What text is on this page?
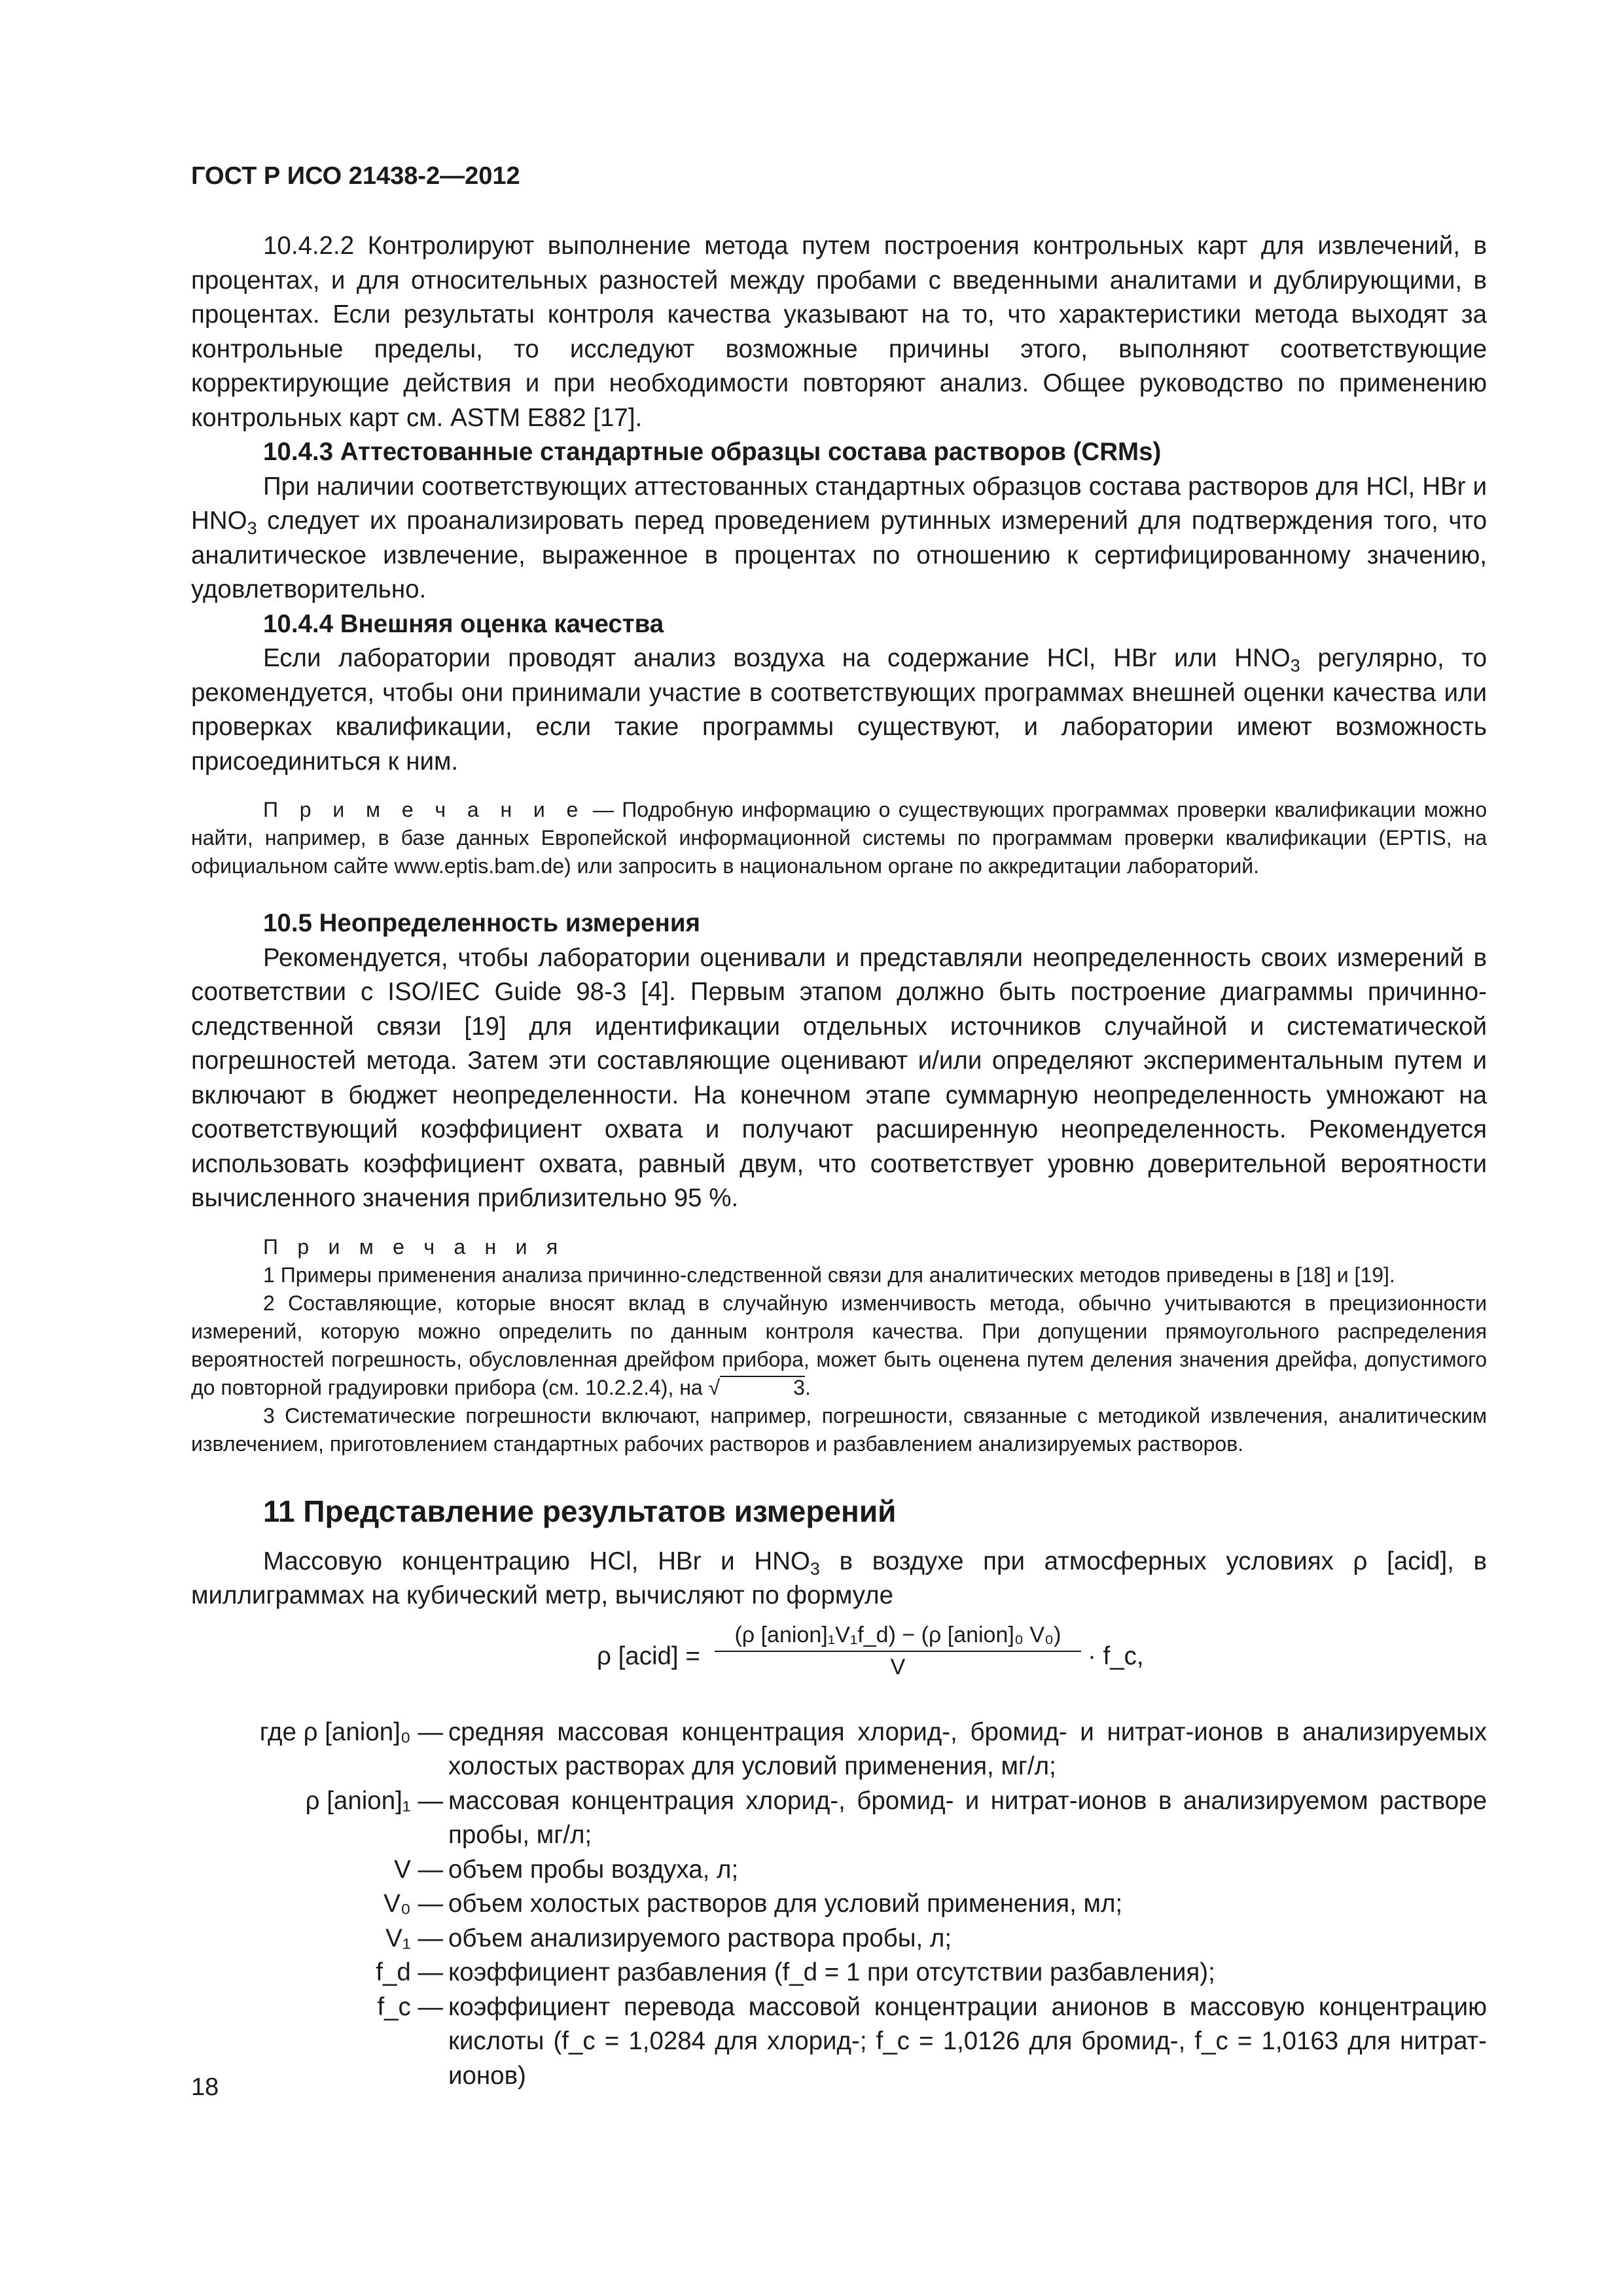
ГОСТ Р ИСО 21438-2—2012

10.4.2.2 Контролируют выполнение метода путем построения контрольных карт для извлечений, в процентах, и для относительных разностей между пробами с введенными аналитами и дублирующими, в процентах. Если результаты контроля качества указывают на то, что характеристики метода выходят за контрольные пределы, то исследуют возможные причины этого, выполняют соответствующие корректирующие действия и при необходимости повторяют анализ. Общее руководство по применению контрольных карт см. ASTM E882 [17].

10.4.3 Аттестованные стандартные образцы состава растворов (CRMs)

При наличии соответствующих аттестованных стандартных образцов состава растворов для HCl, HBr и $HNO_3$ следует их проанализировать перед проведением рутинных измерений для подтверждения того, что аналитическое извлечение, выраженное в процентах по отношению к сертифицированному значению, удовлетворительно.

10.4.4 Внешняя оценка качества

Если лаборатории проводят анализ воздуха на содержание HCl, HBr или $HNO_3$ регулярно, то рекомендуется, чтобы они принимали участие в соответствующих программах внешней оценки качества или проверках квалификации, если такие программы существуют, и лаборатории имеют возможность присоединиться к ним.

П р и м е ч а н и е — Подробную информацию о существующих программах проверки квалификации можно найти, например, в базе данных Европейской информационной системы по программам проверки квалификации (EPTIS, на официальном сайте www.eptis.bam.de) или запросить в национальном органе по аккредитации лабораторий.

10.5 Неопределенность измерения

Рекомендуется, чтобы лаборатории оценивали и представляли неопределенность своих измерений в соответствии с ISO/IEC Guide 98-3 [4]. Первым этапом должно быть построение диаграммы причинно-следственной связи [19] для идентификации отдельных источников случайной и систематической погрешностей метода. Затем эти составляющие оценивают и/или определяют экспериментальным путем и включают в бюджет неопределенности. На конечном этапе суммарную неопределенность умножают на соответствующий коэффициент охвата и получают расширенную неопределенность. Рекомендуется использовать коэффициент охвата, равный двум, что соответствует уровню доверительной вероятности вычисленного значения приблизительно 95 %.

П р и м е ч а н и я

1 Примеры применения анализа причинно-следственной связи для аналитических методов приведены в [18] и [19].

2 Составляющие, которые вносят вклад в случайную изменчивость метода, обычно учитываются в прецизионности измерений, которую можно определить по данным контроля качества. При допущении прямоугольного распределения вероятностей погрешность, обусловленная дрейфом прибора, может быть оценена путем деления значения дрейфа, допустимого до повторной градуировки прибора (см. 10.2.2.4), на √	3.

3 Систематические погрешности включают, например, погрешности, связанные с методикой извлечения, аналитическим извлечением, приготовлением стандартных рабочих растворов и разбавлением анализируемых растворов.

11 Представление результатов измерений

Массовую концентрацию HCl, HBr и $HNO_3$ в воздухе при атмосферных условиях ρ [acid], в миллиграммах на кубический метр, вычисляют по формуле

ρ [acid] =
(ρ [anion]₁V₁f_d) − (ρ [anion]₀ V₀)
V	· f_c,
где ρ [anion]₀ — средняя массовая концентрация хлорид-, бромид- и нитрат-ионов в анализируемых холостых растворах для условий применения, мг/л;
ρ [anion]₁ — массовая концентрация хлорид-, бромид- и нитрат-ионов в анализируемом растворе пробы, мг/л;
V — объем пробы воздуха, л;
V₀ — объем холостых растворов для условий применения, мл;
V₁ — объем анализируемого раствора пробы, л;
f_d — коэффициент разбавления (f_d = 1 при отсутствии разбавления);
f_c — коэффициент перевода массовой концентрации анионов в массовую концентрацию кислоты (f_c = 1,0284 для хлорид-; f_c = 1,0126 для бромид-, f_c = 1,0163 для нитрат-ионов)
18
